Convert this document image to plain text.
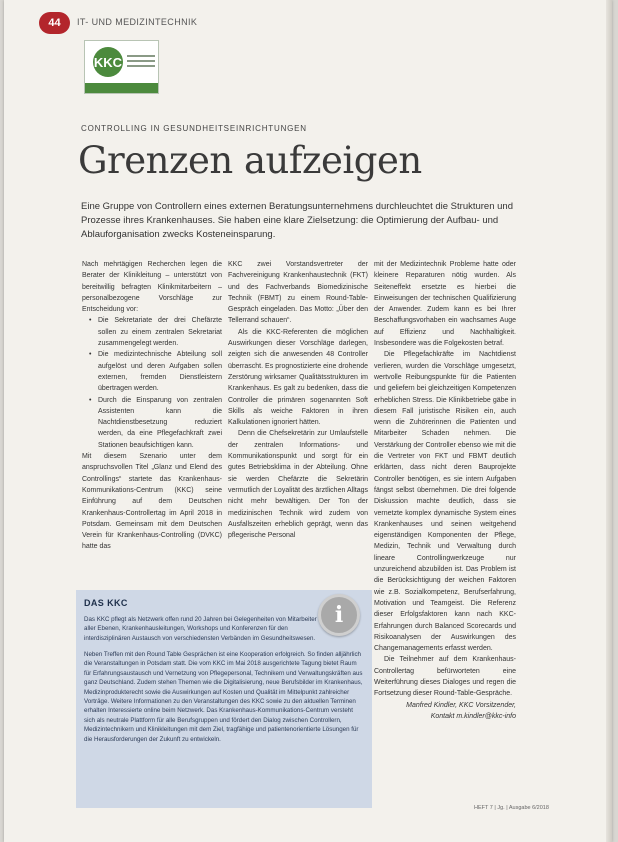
44	IT- UND MEDIZINTECHNIK
KKC
CONTROLLING IN GESUNDHEITSEINRICHTUNGEN
Grenzen aufzeigen
Eine Gruppe von Controllern eines externen Beratungsunternehmens durchleuchtet die Strukturen und Prozesse ihres Krankenhauses. Sie haben eine klare Zielsetzung: die Optimierung der Aufbau- und Ablauforganisation zwecks Kosteneinsparung.

Nach mehrtägigen Recherchen legen die Berater der Klinikleitung – unterstützt von bereitwillig befragten Klinikmitarbeitern – personalbezogene Vorschläge zur Entscheidung vor:

• Die Sekretariate der drei Chefärzte sollen zu einem zentralen Sekretariat zusammengelegt werden.
• Die medizintechnische Abteilung soll aufgelöst und deren Aufgaben sollen externen, fremden Dienstleistern übertragen werden.
• Durch die Einsparung von zentralen Assistenten kann die Nachtdienstbesetzung reduziert werden, da eine Pflegefachkraft zwei Stationen beaufsichtigen kann.

Mit diesem Szenario unter dem anspruchsvollen Titel „Glanz und Elend des Controllings“ startete das Krankenhaus-Kommunikations-Centrum (KKC) seine Einführung auf dem Deutschen Krankenhaus-Controllertag im April 2018 in Potsdam. Gemeinsam mit dem Deutschen Verein für Krankenhaus-Controlling (DVKC) hatte das

KKC zwei Vorstandsvertreter der Fachvereinigung Krankenhaustechnik (FKT) und des Fachverbands Biomedizinische Technik (FBMT) zu einem Round-Table-Gespräch eingeladen. Das Motto: „Über den Tellerrand schauen“.

Als die KKC-Referenten die möglichen Auswirkungen dieser Vorschläge darlegen, zeigten sich die anwesenden 48 Controller überrascht. Es prognostizierte eine drohende Zerstörung wirksamer Qualitätsstrukturen im Krankenhaus. Es galt zu bedenken, dass die Controller die primären sogenannten Soft Skills als weiche Faktoren in ihren Kalkulationen ignoriert hätten.

Denn die Chefsekretärin zur Umlaufstelle der zentralen Informations- und Kommunikationspunkt und sorgt für ein gutes Betriebsklima in der Abteilung. Ohne sie werden Chefärzte die Sekretärin vermutlich der Loyalität des ärztlichen Alltags nicht mehr bewältigen. Der Ton der medizinischen Technik wird zudem von Ausfallszeiten erheblich geprägt, wenn das pflegerische Personal

mit der Medizintechnik Probleme hatte oder kleinere Reparaturen nötig wurden. Als Seiteneffekt ersetzte es hierbei die Einweisungen der technischen Qualifizierung der Anwender. Zudem kann es bei Ihrer Beschaffungsvorhaben ein wachsames Auge auf Effizienz und Nachhaltigkeit. Insbesondere was die Folgekosten betraf.

Die Pflegefachkräfte im Nachtdienst verlieren, wurden die Vorschläge umgesetzt, wertvolle Reibungspunkte für die Patienten und geliefern bei gleichzeitigen Kompetenzen erheblichen Stress. Die Klinikbetriebe gäbe in diesem Fall juristische Risiken ein, auch wenn die Zuhörerinnen die Patienten und Mitarbeiter Schaden nehmen. Die Verstärkung der Controller ebenso wie mit die die Vertreter von FKT und FBMT deutlich erklärten, dass nicht deren Bauprojekte Controller benötigen, es sie intern Aufgaben fängst selbst übernehmen. Die drei folgende Diskussion machte deutlich, dass sie vernetzte komplex dynamische System eines Krankenhauses und seinen weitgehend eigenständigen Komponenten der Pflege, Medizin, Technik und Verwaltung durch lineare Controllingwerkzeuge nur unzureichend abzubilden ist. Das Problem ist die Berücksichtigung der weichen Faktoren wie z.B. Sozialkompetenz, Berufserfahrung, Motivation und Teamgeist. Die Referenz dieser Erfolgsfaktoren kann nach KKC-Erfahrungen durch Balanced Scorecards und Risikoanalysen der Auswirkungen des Changemanagements erfasst werden.

Die Teilnehmer auf dem Krankenhaus-Controllertag befürworteten eine Weiterführung dieses Dialoges und regen die Fortsetzung dieser Round-Table-Gespräche.

Manfred Kindler, KKC Vorsitzender,

Kontakt m.kindler@kkc-info

DAS KKC	i
Das KKC pflegt als Netzwerk offen rund 20 Jahren bei Gelegenheiten von Mitarbeiter aller Ebenen, Krankenhausleitungen, Workshops und Konferenzen für den interdisziplinären Austausch von verschiedensten Verbänden im Gesundheitswesen.
Neben Treffen mit den Round Table Gesprächen ist eine Kooperation erfolgreich. So finden alljährlich die Veranstaltungen in Potsdam statt. Die vom KKC im Mai 2018 ausgerichtete Tagung bietet Raum für Erfahrungsaustausch und Vernetzung von Pflegepersonal, Technikern und Verwaltungskräften aus ganz Deutschland. Zudem stehen Themen wie die Digitalisierung, neue Berufsbilder im Krankenhaus, Medizinprodukterecht sowie die Auswirkungen auf Kosten und Qualität im Mittelpunkt zahlreicher Vorträge. Weitere Informationen zu den Veranstaltungen des KKC sowie zu den aktuellen Terminen erhalten Interessierte online beim Netzwerk. Das Krankenhaus-Kommunikations-Centrum versteht sich als neutrale Plattform für alle Berufsgruppen und fördert den Dialog zwischen Controllern, Medizintechnikern und Klinikleitungen mit dem Ziel, tragfähige und patientenorientierte Lösungen für die Herausforderungen der Zukunft zu entwickeln.
HEFT 7 | Jg. | Ausgabe 6/2018
